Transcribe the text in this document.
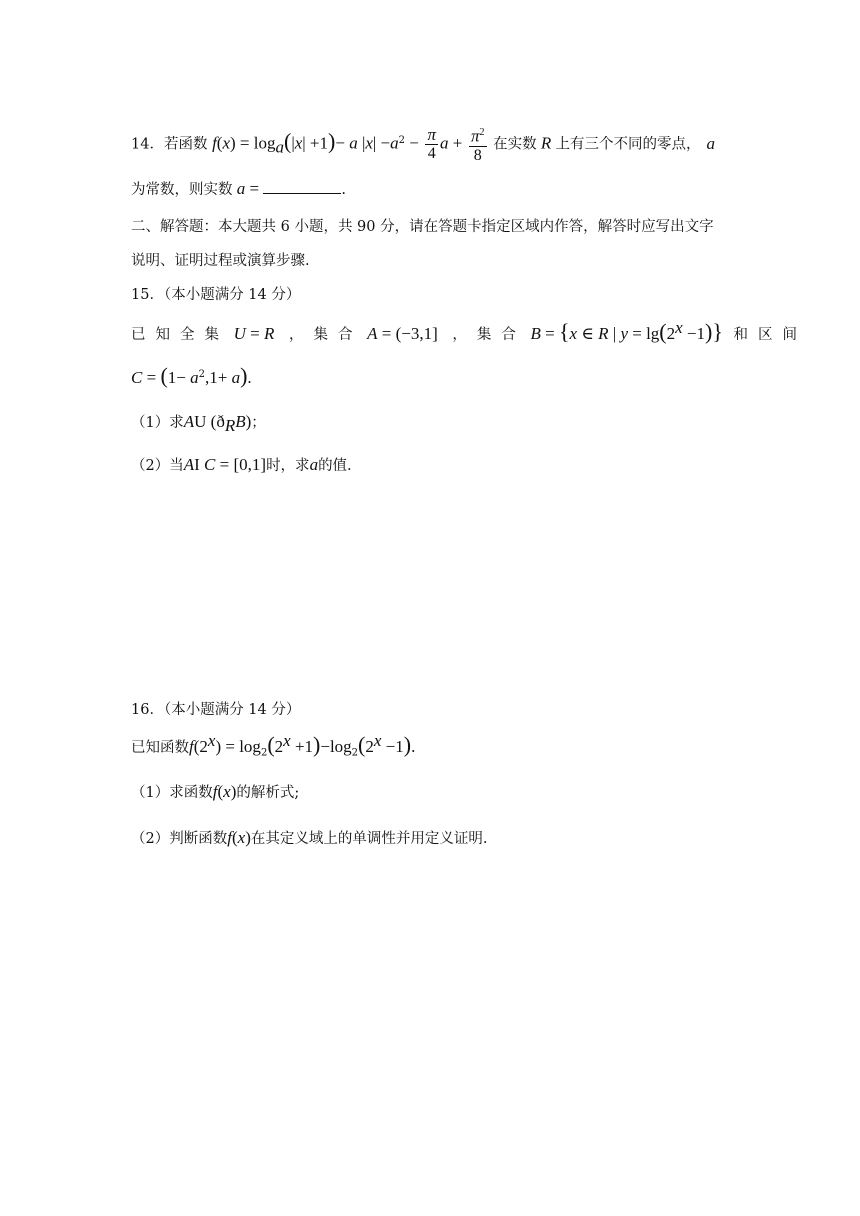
14．若函数 $f(x) = \log_a(|x| +1)- a$ $|x| -a^2 - \frac{\pi}{4}$ $a + \frac{\pi^2}{8}$ 在实数 R 上有三个不同的零点， a
为常数，则实数 a =	.
二、解答题：本大题共 6 小题，共 90 分，请在答题卡指定区域内作答，解答时应写出文字
说明、证明过程或演算步骤.
15．（本小题满分 14 分）
已知全集 U = R ，集合 A = (−3,1] ，集合 B = {x ∈ R | $y = \lg(2^x -1)$} 和区间
$C = (1- a^2,1+ a)$.
（1）求AU $(ð_RB)$；
（2）当AI C = [0,1]时，求a的值.
16．（本小题满分 14 分）
已知函数$f(2^x) = \log_2(2^x +1)-\log_2(2^x -1)$.
（1）求函数f(x)的解析式;
（2）判断函数f(x)在其定义域上的单调性并用定义证明.
